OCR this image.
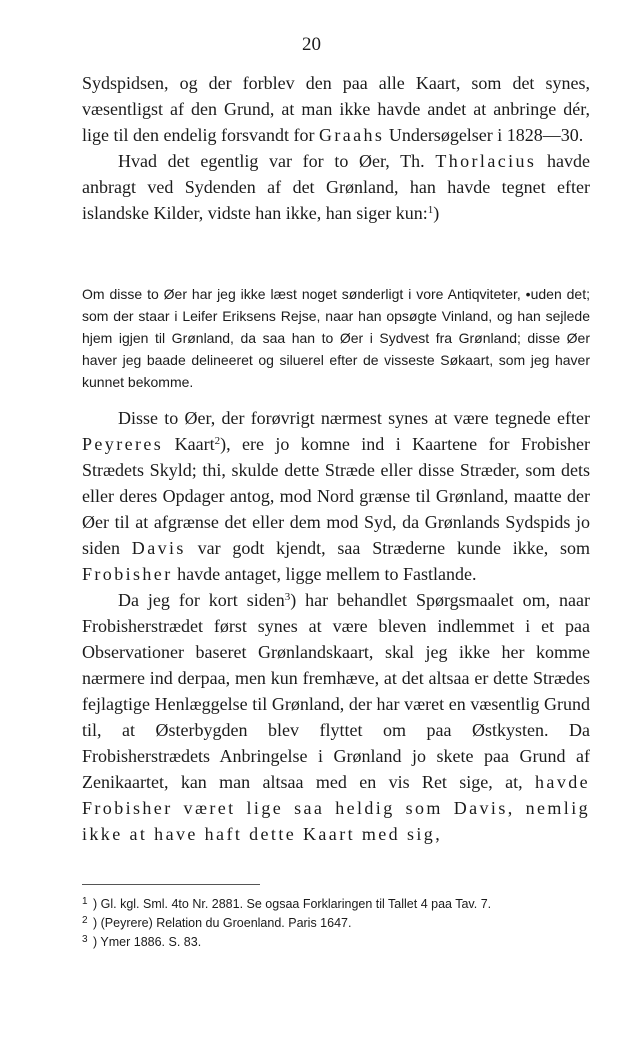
20

Sydspidsen, og der forblev den paa alle Kaart, som det synes, væsentligst af den Grund, at man ikke havde andet at anbringe dér, lige til den endelig forsvandt for Graahs Undersøgelser i 1828—30.

Hvad det egentlig var for to Øer, Th. Thorlacius havde anbragt ved Sydenden af det Grønland, han havde tegnet efter islandske Kilder, vidste han ikke, han siger kun:$^1$)

Om disse to Øer har jeg ikke læst noget sønderligt i vore Antiqviteter, •uden det; som der staar i Leifer Eriksens Rejse, naar han opsøgte Vinland, og han sejlede hjem igjen til Grønland, da saa han to Øer i Sydvest fra Grønland; disse Øer haver jeg baade delineeret og siluerel efter de visseste Søkaart, som jeg haver kunnet bekomme.

Disse to Øer, der forøvrigt nærmest synes at være tegnede efter Peyreres Kaart$^2$), ere jo komne ind i Kaartene for Frobisher Strædets Skyld; thi, skulde dette Stræde eller disse Stræder, som dets eller deres Opdager antog, mod Nord grænse til Grønland, maatte der Øer til at afgrænse det eller dem mod Syd, da Grønlands Sydspids jo siden Davis var godt kjendt, saa Stræderne kunde ikke, som Frobisher havde antaget, ligge mellem to Fastlande.

Da jeg for kort siden$^3$) har behandlet Spørgsmaalet om, naar Frobisherstrædet først synes at være bleven indlemmet i et paa Observationer baseret Grønlandskaart, skal jeg ikke her komme nærmere ind derpaa, men kun fremhæve, at det altsaa er dette Strædes fejlagtige Henlæggelse til Grønland, der har været en væsentlig Grund til, at Østerbygden blev flyttet om paa Østkysten. Da Frobisherstrædets Anbringelse i Grønland jo skete paa Grund af Zenikaartet, kan man altsaa med en vis Ret sige, at, havde Frobisher været lige saa heldig som Davis, nemlig ikke at have haft dette Kaart med sig,

1 ) Gl. kgl. Sml. 4to Nr. 2881. Se ogsaa Forklaringen til Tallet 4 paa Tav. 7.
2 ) (Peyrere) Relation du Groenland. Paris 1647.
3 ) Ymer 1886. S. 83.
